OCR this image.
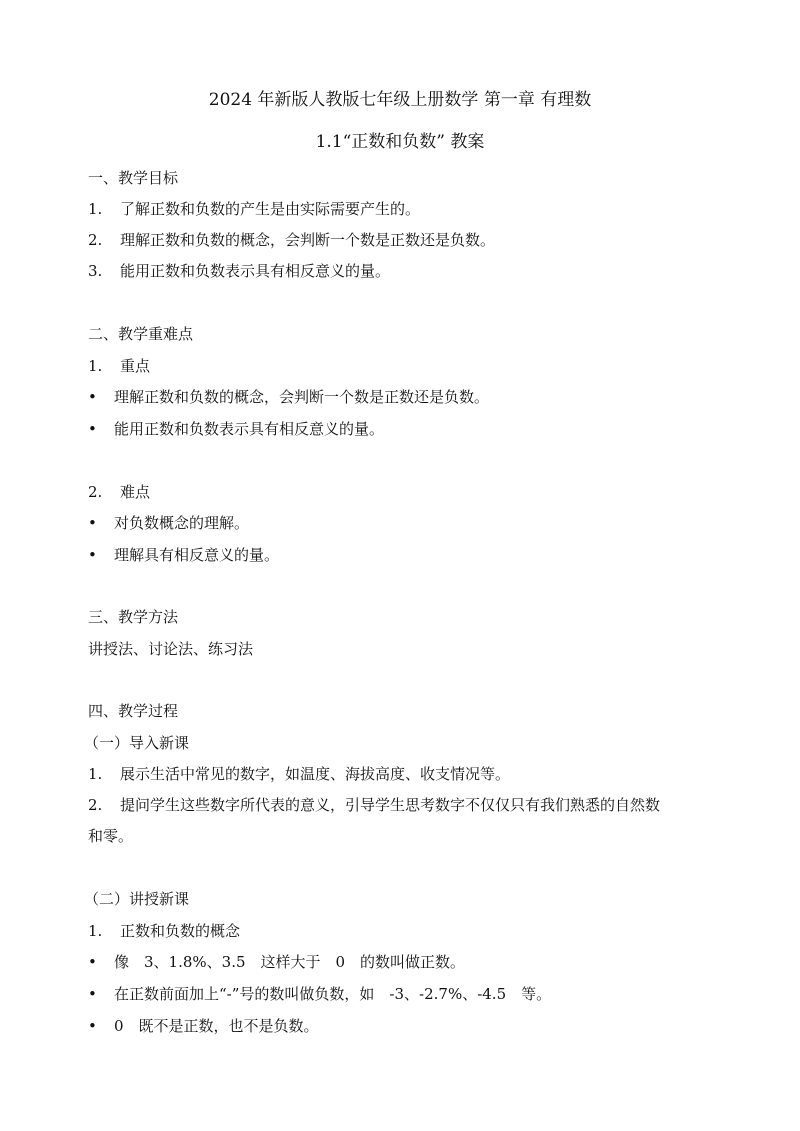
2024 年新版人教版七年级上册数学 第一章 有理数
1.1“正数和负数” 教案
一、教学目标
1. 了解正数和负数的产生是由实际需要产生的。
2. 理解正数和负数的概念，会判断一个数是正数还是负数。
3. 能用正数和负数表示具有相反意义的量。
二、教学重难点
1. 重点
• 理解正数和负数的概念，会判断一个数是正数还是负数。
• 能用正数和负数表示具有相反意义的量。
2. 难点
• 对负数概念的理解。
• 理解具有相反意义的量。
三、教学方法
讲授法、讨论法、练习法
四、教学过程
（一）导入新课
1. 展示生活中常见的数字，如温度、海拔高度、收支情况等。
2. 提问学生这些数字所代表的意义，引导学生思考数字不仅仅只有我们熟悉的自然数
和零。
（二）讲授新课
1. 正数和负数的概念
• 像　3、1.8%、3.5　这样大于　0　的数叫做正数。
• 在正数前面加上“-”号的数叫做负数，如　-3、-2.7%、-4.5　等。
• 0　既不是正数，也不是负数。
